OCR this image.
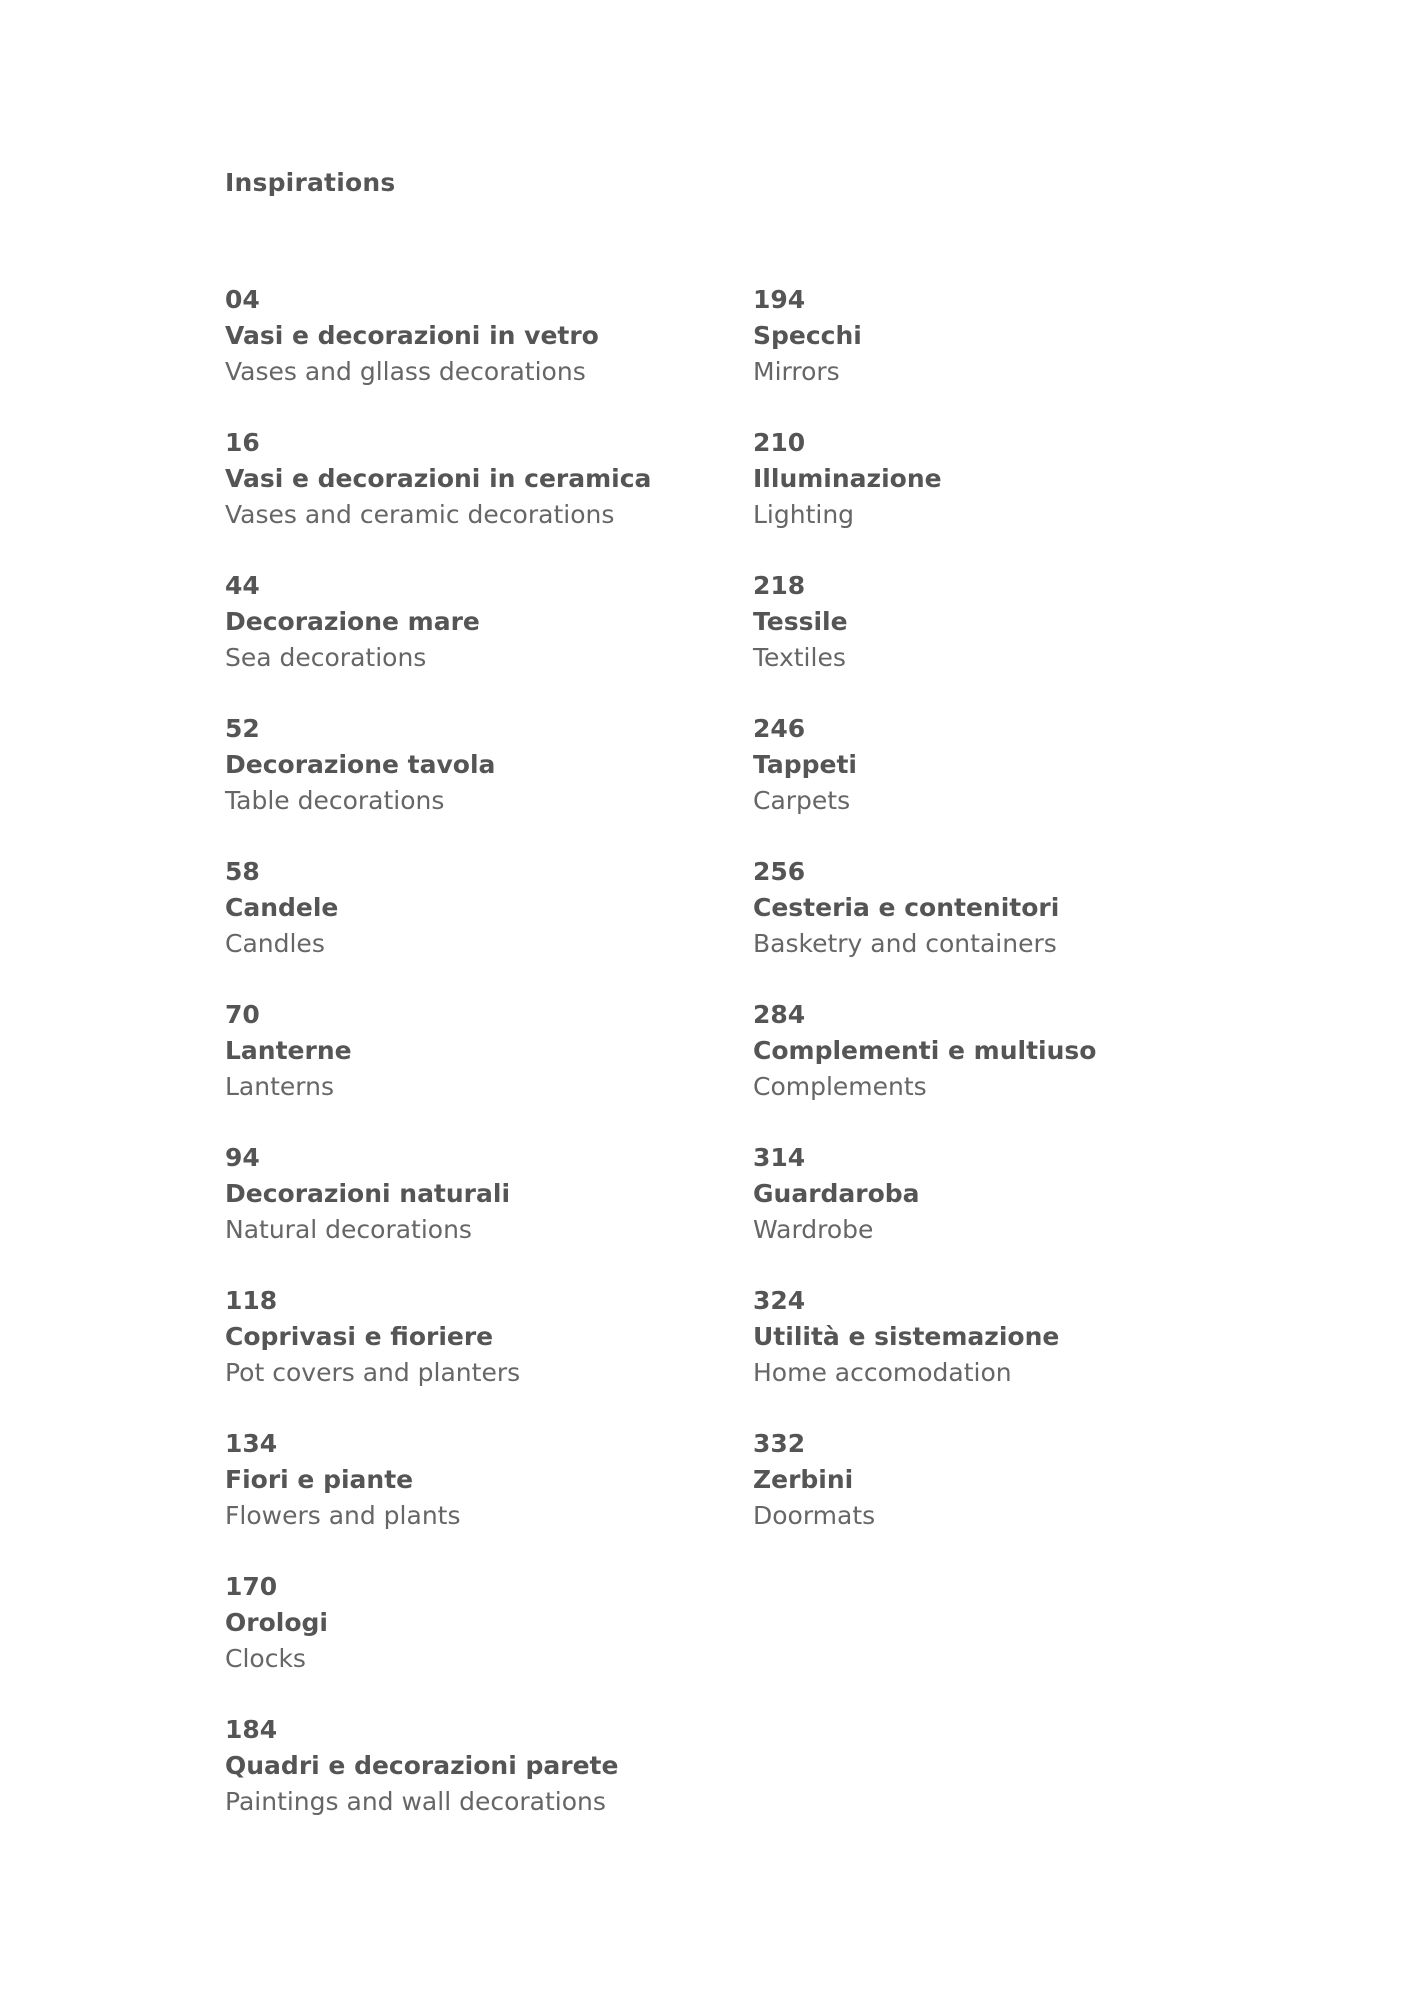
Inspirations
04
Vasi e decorazioni in vetro
Vases and gllass decorations
16
Vasi e decorazioni in ceramica
Vases and ceramic decorations
44
Decorazione mare
Sea decorations
52
Decorazione tavola
Table decorations
58
Candele
Candles
70
Lanterne
Lanterns
94
Decorazioni naturali
Natural decorations
118
Coprivasi e fioriere
Pot covers and planters
134
Fiori e piante
Flowers and plants
170
Orologi
Clocks
184
Quadri e decorazioni parete
Paintings and wall decorations
194
Specchi
Mirrors
210
Illuminazione
Lighting
218
Tessile
Textiles
246
Tappeti
Carpets
256
Cesteria e contenitori
Basketry and containers
284
Complementi e multiuso
Complements
314
Guardaroba
Wardrobe
324
Utilità e sistemazione
Home accomodation
332
Zerbini
Doormats
